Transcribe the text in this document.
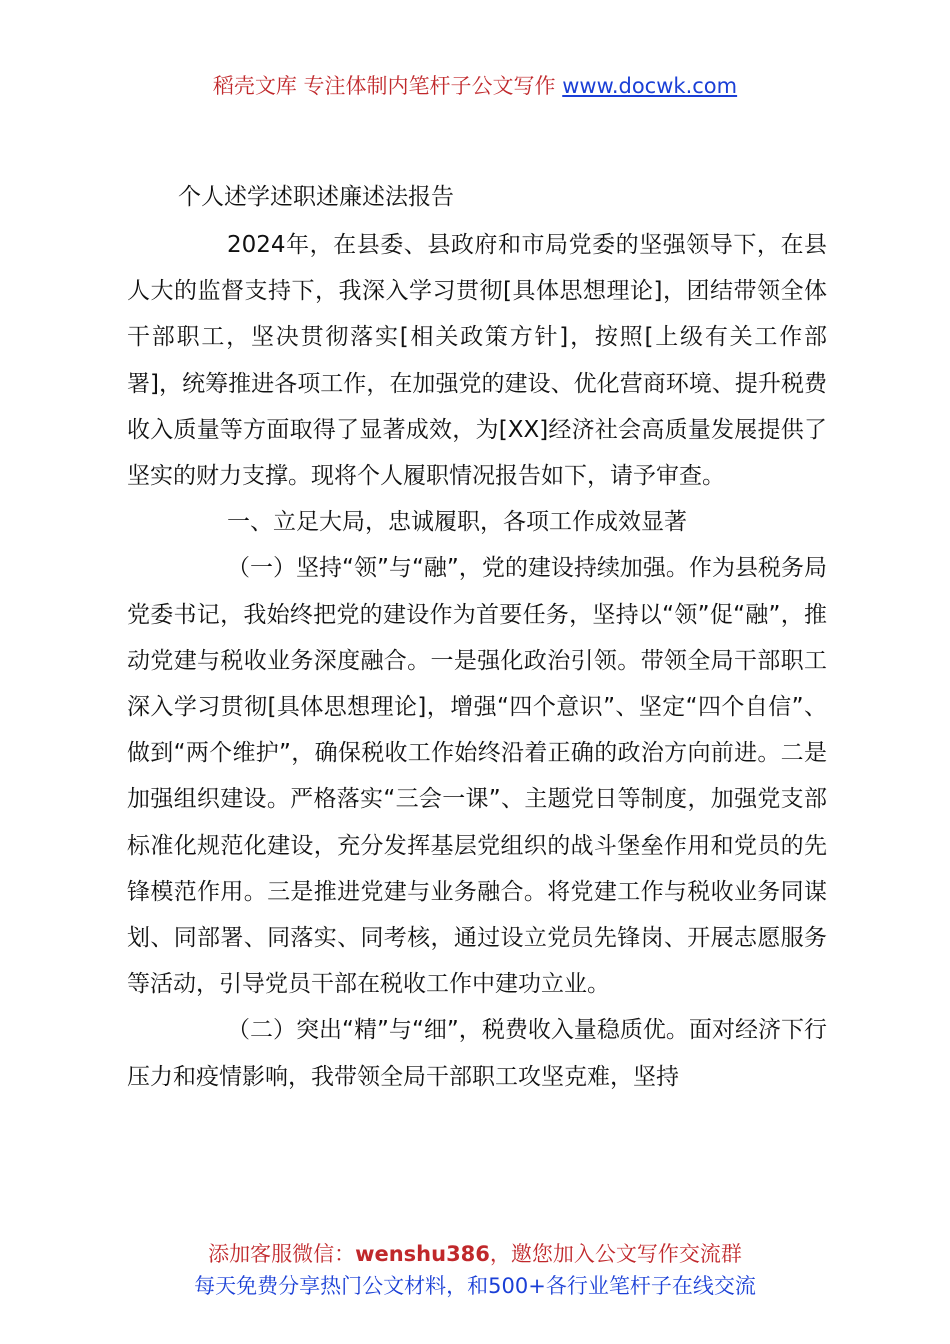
稻壳文库 专注体制内笔杆子公文写作 www.docwk.com
个人述学述职述廉述法报告

2024年，在县委、县政府和市局党委的坚强领导下，在县人大的监督支持下，我深入学习贯彻[具体思想理论]，团结带领全体干部职工，坚决贯彻落实[相关政策方针]，按照[上级有关工作部署]，统筹推进各项工作，在加强党的建设、优化营商环境、提升税费收入质量等方面取得了显著成效，为[XX]经济社会高质量发展提供了坚实的财力支撑。现将个人履职情况报告如下，请予审查。

一、立足大局，忠诚履职，各项工作成效显著

（一）坚持“领”与“融”，党的建设持续加强。作为县税务局党委书记，我始终把党的建设作为首要任务，坚持以“领”促“融”，推动党建与税收业务深度融合。一是强化政治引领。带领全局干部职工深入学习贯彻[具体思想理论]，增强“四个意识”、坚定“四个自信”、做到“两个维护”，确保税收工作始终沿着正确的政治方向前进。二是加强组织建设。严格落实“三会一课”、主题党日等制度，加强党支部标准化规范化建设，充分发挥基层党组织的战斗堡垒作用和党员的先锋模范作用。三是推进党建与业务融合。将党建工作与税收业务同谋划、同部署、同落实、同考核，通过设立党员先锋岗、开展志愿服务等活动，引导党员干部在税收工作中建功立业。

（二）突出“精”与“细”，税费收入量稳质优。面对经济下行压力和疫情影响，我带领全局干部职工攻坚克难，坚持

添加客服微信：wenshu386，邀您加入公文写作交流群
每天免费分享热门公文材料，和500+各行业笔杆子在线交流
